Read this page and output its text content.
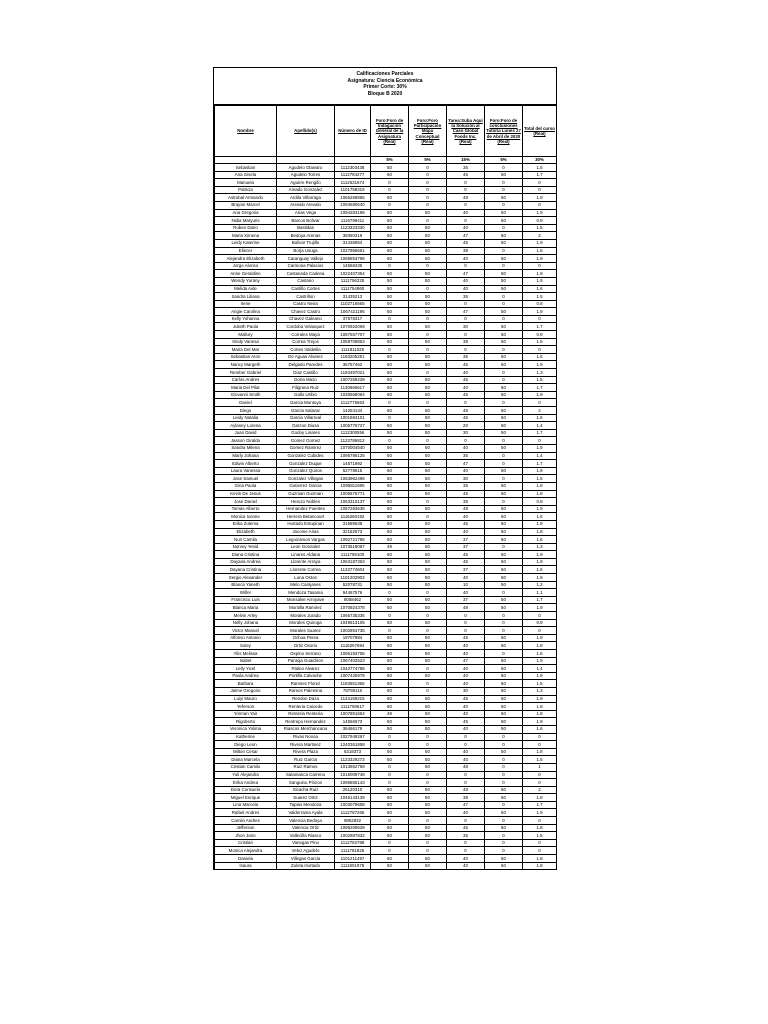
Calificaciones Parciales
Asignatura: Ciencia Económica
Primer Corte: 30%
Bloque B 2020
Nombre	Apellido(s)	Número de ID	Foro:Foro de Indagación General de la Asignatura (Real)	Foro:Foro Participación Mapa Conceptual (Real)	Tarea:Suba Aquí la Solución al Caso Global Foods Inc. (Real)	Foro:Foro de conclusiones Tutoría Lunes 27 de Abril de 2020 (Real)	Total del curso (Real)
			5%	5%	15%	5%	30%
Sebastian	Agudelo Olaivaro	1112303438	50	0	35	0	1.5
Ana Gisela	Agudelo Torres	1112784277	50	0	45	50	1.7
Manuela	Aguirre Rengifo	1112631674	0	0	0	0	0
Patricia	Amado Gonzalez	1101758319	0	0	0	0	0
Astrubal Armando	Ardila Villarraga	1066268865	50	0	48	50	1.9
Brayan Marcel	Arevalo Arevalo	1094580640	0	0	0	0	0
Ana Gregoria	Arias Vega	1094283196	50	50	40	50	1.9
Nidia Maryuris	Barcos Bolivar	1116799411	50	0	0	50	0.9
Ruben Dario	Bastidas	1123323330	50	50	40	0	1.5
Maria Ximena	Bedoya Arenas	38360319	50	50	47	50	2
Leidy Katerine	Bolivar Trujillo	31436954	50	50	45	50	1.9
Eliecer	Borja Usuga	1027956661	50	50	38	0	1.5
Alejandra Elizabeth	Caranguay Vallejo	1068653798	50	50	40	50	1.9
Jorge Alonso	Carmona Palacios	14568435	0	0	0	0	0
Anne Geraldine	Castaneda Cadena	1022407354	50	50	47	50	1.9
Wendy Yurany	Castano	1111756225	50	50	40	50	1.9
Melida Aide	Castillo Cortes	1111754960	50	0	40	50	1.6
Sandra Liliana	Castrillon	31435213	50	50	35	0	1.5
Irene	Castro Neira	1102716665	50	50	0	0	0.8
Angie Carolina	Chavez Castro	1067421196	50	50	47	50	1.9
Kelly Yohanna	Chavez Galeano	37578317	0	0	0	0	0
Julieth Paola	Cordoba Velasquez	1070922069	50	50	30	50	1.7
Mallury	Corrales Maya	1087557707	50	0	0	50	0.9
Sindy Vanesa	Correa Trejos	1059709863	50	50	38	50	1.5
Maria Del Mar	Cortes Valdelila	1111811025	0	0	0	0	0
Sebastian Aron	De Aguas Alvarez	1193205251	50	50	35	50	1.6
Nancy Margeth	Delgado Paredes	36757462	50	50	45	50	1.9
Rember Gabriel	Diaz Castillo	1193497021	50	0	40	0	1.3
Carlos Andres	Doria Mazo	1007259228	50	50	45	0	1.5
Maria Del Pilar	Filigrana Ruiz	1130666617	50	50	40	50	1.7
Giovanni Smith	Gallo Uribio	1030568064	50	50	45	50	1.9
Daniel	Garcia Montoya	1112775663	0	0	0	0	0
Diego	Garcia Salazar	14254144	50	50	48	50	2
Leidy Natalia	Garcia Villarreal	1001684101	0	50	45	50	1.6
Aylaney Lorena	Garzon Diusa	1006776727	50	50	20	50	1.4
Juan David	Godoy Linares	1112300556	50	50	30	50	1.7
Jasson Giraldo	Gomez Gomez	1122786812	0	0	0	0	0
Sandra Milena	Gomez Ramirez	1070004540	50	50	40	50	1.9
Marly Johana	Gonzalez Cubides	1095786125	50	50	35	0	1.4
Edwin Alberto	Gonzalez Duque	14571992	50	50	47	0	1.7
Laura Vanessa	Gonzalez Quiros	52778615	50	50	40	50	1.9
Jose Samuel	Gonzalez Villegas	1063962496	50	50	30	0	1.5
Gina Paola	Gutierrez Garcia	1095811695	50	50	35	50	1.8
Kevin De Jesus	Guzman Guzman	1005676771	50	50	45	50	1.8
Jose Daniel	Heruzo Nobles	1063310137	50	0	35	0	0.8
Tomas Alberto	Hernandez Fuentes	1067283636	50	50	48	50	1.9
Monica Ivonne	Herrera Betancourt	1116260192	50	0	40	50	1.6
Erika Zulema	Hurtado Estupinan	31589638	50	50	45	50	1.9
Elizabeth	Jacome Arias	32182573	50	50	40	50	1.8
Nuri Camila	Leguizamon Vargas	1092721786	50	50	37	50	1.6
Norvey Yesid	Leon Gonzalez	1073518087	49	50	37	0	1.3
Diana Cristina	Linares Aldana	1111759100	50	50	45	50	1.9
Dayana Andrea	Llorente Arraya	1063187363	50	50	45	50	1.9
Dayana Cristina	Llorente Correa	1133774604	50	50	37	50	1.6
Sergio Alexander	Luna Ostos	1101202903	50	50	40	50	1.9
Blanca Yaneth	Melo Camjanes	52078731	50	50	10	50	1.2
Wilfer	Mendoza Tasama	94467576	0	0	40	0	1.1
Francisco Luis	Monsalve Arroyave	8058462	50	50	37	50	1.7
Blanca Maria	Montilla Ramirez	1070924378	50	50	48	50	1.9
Melvin Arley	Morales Jurado	1066735336	0	0	0	0	0
Nelly Johana	Morales Quiroga	1049613105	50	50	0	0	0.9
Victor Manuel	Morales Suarez	1002854735	0	0	0	0	0
Alfonso Antonio	Ochoa Perea	19707884	50	50	45	50	1.9
Soley	Ortiz Osorio	1116267694	50	50	40	50	1.8
Yilis Melissa	Ospino Serrano	1096193755	50	50	40	0	1.6
Isabel	Pantoja Guaidiron	1067402523	50	50	47	50	1.9
Lelly Yicel	Patino Alvarez	1042774788	50	0	40	50	1.4
Paola Andrea	Portilla Calvache	1007425978	50	50	40	50	1.9
Barbara	Ramirez Florez	1193551366	50	0	40	50	1.5
Jaime Gregorio	Ramos Palemina	78759116	50	0	30	50	1.3
Luiyi Mauro	Rendon Daza	1144169215	50	50	45	50	1.9
Yeferson	Renteria Caicedo	1111759617	50	50	40	50	1.8
Yorman Yair	Renteria Renteria	1007851654	49	50	40	50	1.8
Rigoberto	Restrepo Hernandez	14566673	50	50	45	50	1.9
Veronica Yolima	Riascos Merchancano	36466179	50	50	40	50	1.6
Katherine	Rivas Novoa	1027949267	0	0	0	0	0
Diego Leon	Rivera Martinez	1240361858	0	0	0	0	0
Milton Cesar	Rivera Plaza	6319373	50	50	40	50	1.8
Diana Marcela	Ruiz Garcia	1123329273	50	50	40	0	1.5
Cristian Camilo	Ruiz Ramos	1013662769	0	50	48	0	1
Yuli Alejandra	Salamanca Carreno	1016009748	0	0	0	0	0
Erika Andrea	Sanguino Pinzon	1096855143	0	0	0	0	0
Dora Consuelo	Sicacha Ruiz	25120310	50	50	48	50	2
Miguel Enrique	Suarez Ortiz	1045143139	50	50	38	50	1.8
Lina Marcela	Tapias Mendoza	1003079658	50	50	47	0	1.7
Rafael Andres	Valderrama Ayala	1112787265	50	50	40	50	1.9
Camilo Andres	Valencia Bedoya	9862832	0	0	0	0	0
Jefferson	Valencia Ortiz	1096209628	50	50	45	50	1.8
Jhon Jairo	Vallecilla Riasco	1002987832	50	50	35	0	1.5
Cristian	Vanegas Pino	1112782788	0	0	0	0	0
Monica Alejandra	Velez Agudelo	1111781825	0	0	0	0	0
Daniela	Villegas Garcia	1101211497	50	50	40	50	1.8
Isaura	Zuleta Hurtado	1111801978	50	50	40	50	1.8
